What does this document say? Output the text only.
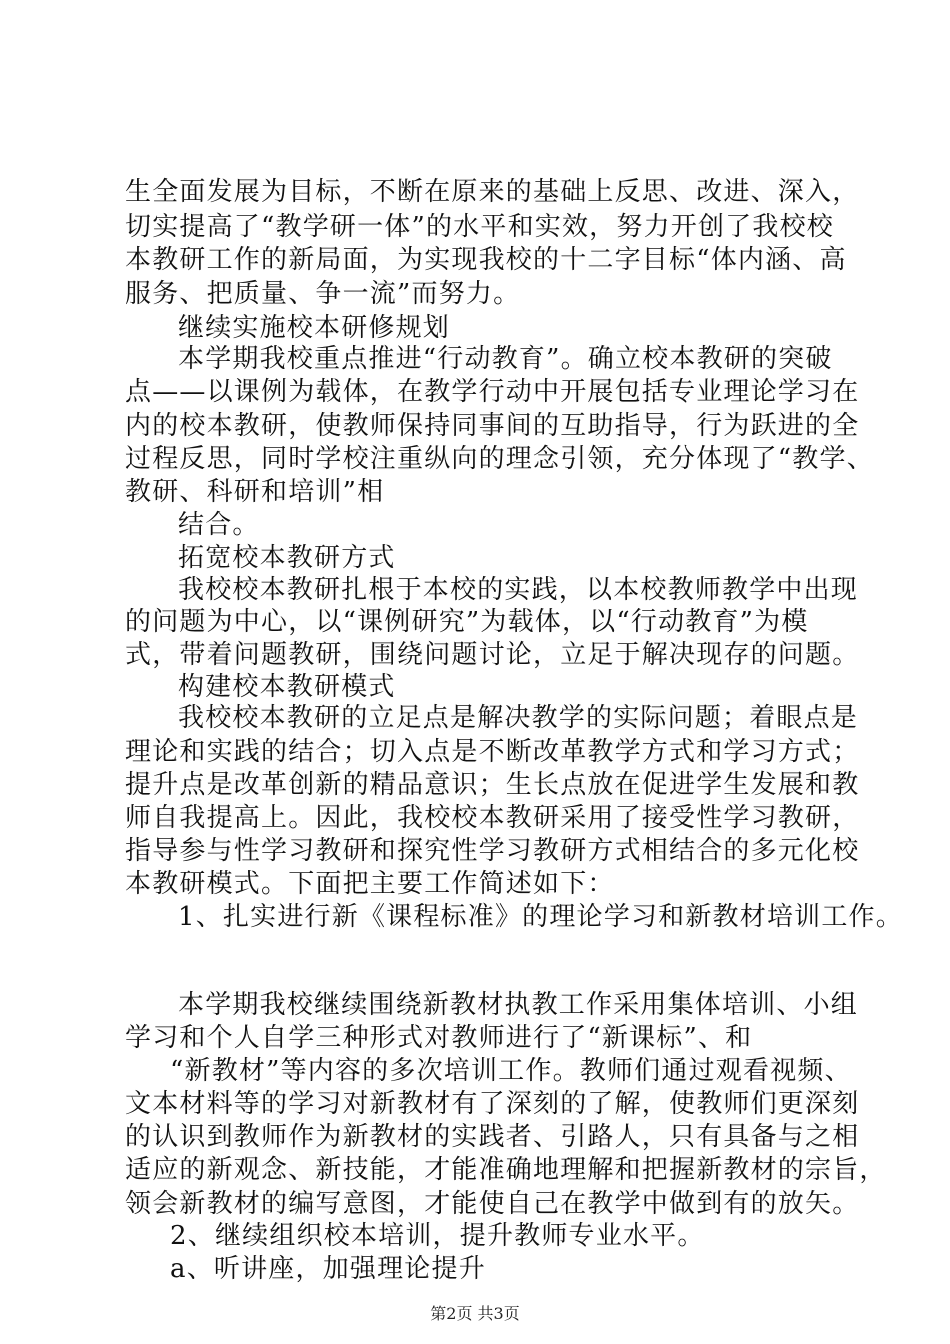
生全面发展为目标，不断在原来的基础上反思、改进、深入，
切实提高了“教学研一体”的水平和实效，努力开创了我校校
本教研工作的新局面，为实现我校的十二字目标“体内涵、高
服务、把质量、争一流”而努力。
继续实施校本研修规划
本学期我校重点推进“行动教育”。确立校本教研的突破
点——以课例为载体，在教学行动中开展包括专业理论学习在
内的校本教研，使教师保持同事间的互助指导，行为跃进的全
过程反思，同时学校注重纵向的理念引领，充分体现了“教学、
教研、科研和培训”相
结合。
拓宽校本教研方式
我校校本教研扎根于本校的实践，以本校教师教学中出现
的问题为中心，以“课例研究”为载体，以“行动教育”为模
式，带着问题教研，围绕问题讨论，立足于解决现存的问题。
构建校本教研模式
我校校本教研的立足点是解决教学的实际问题；着眼点是
理论和实践的结合；切入点是不断改革教学方式和学习方式；
提升点是改革创新的精品意识；生长点放在促进学生发展和教
师自我提高上。因此，我校校本教研采用了接受性学习教研，
指导参与性学习教研和探究性学习教研方式相结合的多元化校
本教研模式。下面把主要工作简述如下：
1、扎实进行新《课程标准》的理论学习和新教材培训工作。
本学期我校继续围绕新教材执教工作采用集体培训、小组
学习和个人自学三种形式对教师进行了“新课标”、和
“新教材”等内容的多次培训工作。教师们通过观看视频、
文本材料等的学习对新教材有了深刻的了解，使教师们更深刻
的认识到教师作为新教材的实践者、引路人，只有具备与之相
适应的新观念、新技能，才能准确地理解和把握新教材的宗旨，
领会新教材的编写意图，才能使自己在教学中做到有的放矢。
2、继续组织校本培训，提升教师专业水平。
a、听讲座，加强理论提升
第2页 共3页
